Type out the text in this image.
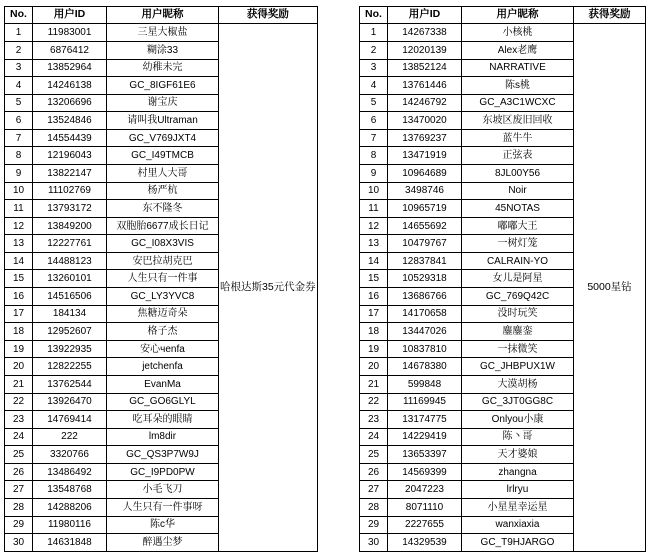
No.	用户ID	用户昵称	获得奖励
1	11983001	三星大椒盐	哈根达斯35元代金券
2	6876412	糊涂33	
3	13852964	幼稚未完	
4	14246138	GC_8IGF61E6	
5	13206696	谢宝庆	
6	13524846	请叫我Ultraman	
7	14554439	GC_V769JXT4	
8	12196043	GC_I49TMCB	
9	13822147	村里人大哥	
10	11102769	杨严杭	
11	13793172	东不隆冬	
12	13849200	双胞胎6677成长日记	
13	12227761	GC_I08X3VIS	
14	14488123	安巴拉胡克巴	
15	13260101	人生只有一件事	
16	14516506	GC_LY3YVC8	
17	184134	焦糖迈奇朵	
18	12952607	格子杰	
19	13922935	安心чenfa	
20	12822255	jetchenfa	
21	13762544	EvanMa	
22	13926470	GC_GO6GLYL	
23	14769414	吃耳朵的眼睛	
24	222	lm8dir	
25	3320766	GC_QS3P7W9J	
26	13486492	GC_I9PD0PW	
27	13548768	小毛飞刀	
28	14288206	人生只有一件事呀	
29	11980116	陈c华	
30	14631848	醉遇尘梦	
No.	用户ID	用户昵称	获得奖励
1	14267338	小核桃	5000星钻
2	12020139	Alex老鹰	
3	13852124	NARRATIVE	
4	13761446	陈s桃	
5	14246792	GC_A3C1WCXC	
6	13470020	东坡区废旧回收	
7	13769237	蓝牛牛	
8	13471919	正弦表	
9	10964689	8JL00Y56	
10	3498746	Noir	
11	10965719	45NOTAS	
12	14655692	嘟嘟大王	
13	10479767	一树灯笼	
14	12837841	CALRAIN-YO	
15	10529318	女儿是阿星	
16	13686766	GC_769Q42C	
17	14170658	没时玩笑	
18	13447026	鏖鏖銮	
19	10837810	一抹微笑	
20	14678380	GC_JHBPUX1W	
21	599848	大漠胡杨	
22	11169945	GC_3JT0GG8C	
23	13174775	Onlyou小康	
24	14229419	陈丶哥	
25	13653397	天才婆娘	
26	14569399	zhangna	
27	2047223	lrlryu	
28	8071110	小星星幸运星	
29	2227655	wanxiaxia	
30	14329539	GC_T9HJARGO	
